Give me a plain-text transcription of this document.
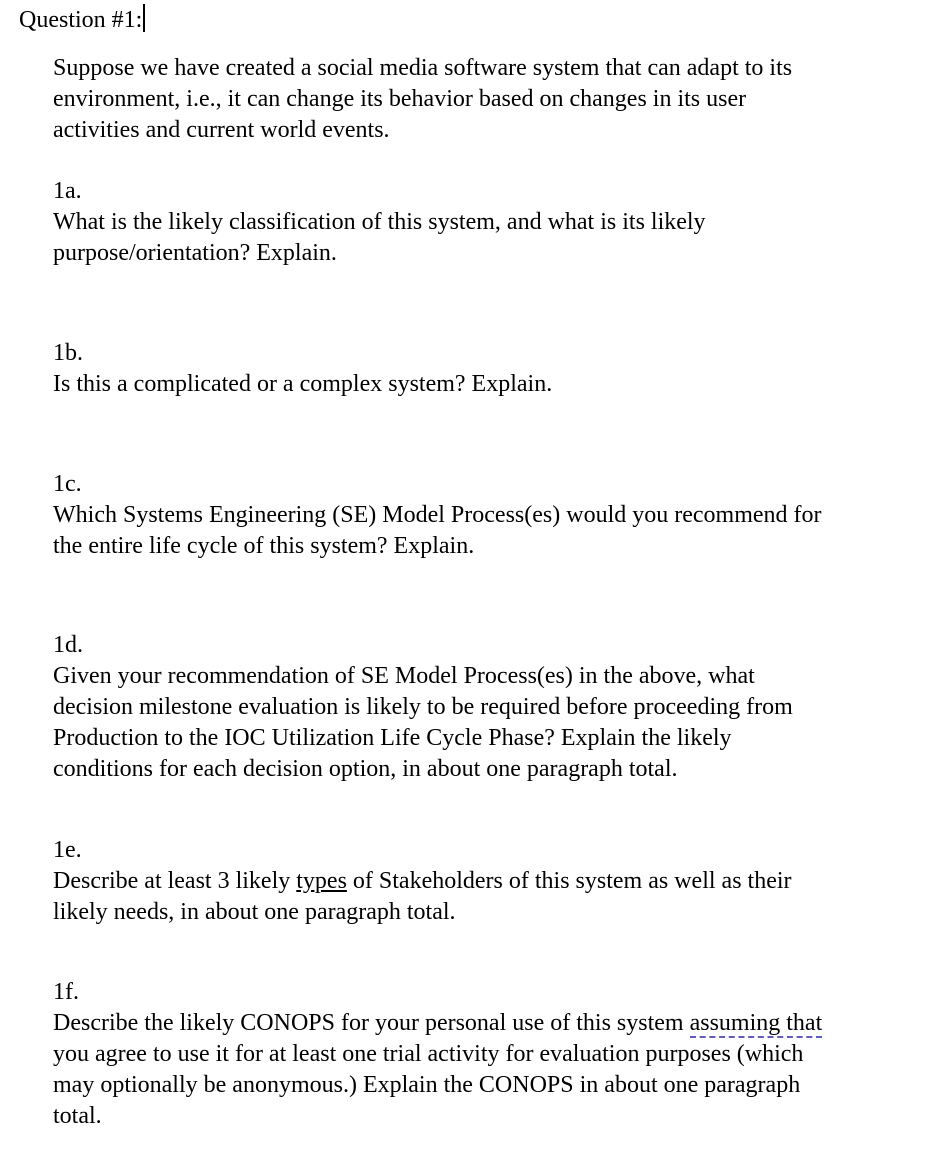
Question #1:
Suppose we have created a social media software system that can adapt to its
environment, i.e., it can change its behavior based on changes in its user
activities and current world events.
1a.
What is the likely classification of this system, and what is its likely
purpose/orientation? Explain.
1b.
Is this a complicated or a complex system? Explain.
1c.
Which Systems Engineering (SE) Model Process(es) would you recommend for
the entire life cycle of this system? Explain.
1d.
Given your recommendation of SE Model Process(es) in the above, what
decision milestone evaluation is likely to be required before proceeding from
Production to the IOC Utilization Life Cycle Phase? Explain the likely
conditions for each decision option, in about one paragraph total.
1e.
Describe at least 3 likely types of Stakeholders of this system as well as their
likely needs, in about one paragraph total.
1f.
Describe the likely CONOPS for your personal use of this system assuming that
you agree to use it for at least one trial activity for evaluation purposes (which
may optionally be anonymous.) Explain the CONOPS in about one paragraph
total.
